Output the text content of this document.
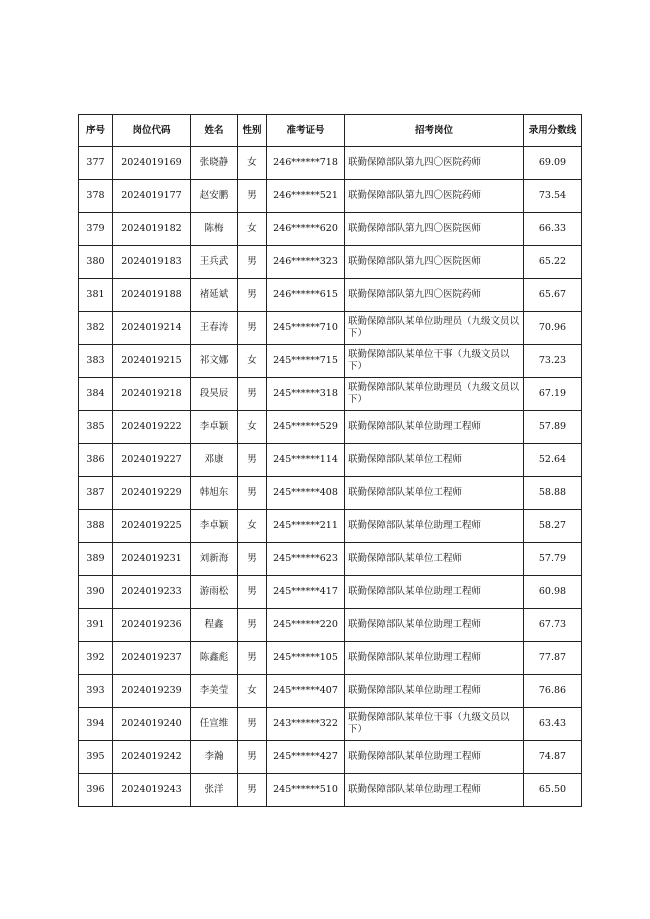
序号	岗位代码	姓名	性别	准考证号	招考岗位	录用分数线
377	2024019169	张晓静	女	246******718	联勤保障部队第九四〇医院药师	69.09
378	2024019177	赵安鹏	男	246******521	联勤保障部队第九四〇医院药师	73.54
379	2024019182	陈梅	女	246******620	联勤保障部队第九四〇医院医师	66.33
380	2024019183	王兵武	男	246******323	联勤保障部队第九四〇医院医师	65.22
381	2024019188	褚延斌	男	246******615	联勤保障部队第九四〇医院药师	65.67
382	2024019214	王春涛	男	245******710	联勤保障部队某单位助理员（九级文员以下）	70.96
383	2024019215	祁文娜	女	245******715	联勤保障部队某单位干事（九级文员以下）	73.23
384	2024019218	段昊辰	男	245******318	联勤保障部队某单位助理员（九级文员以下）	67.19
385	2024019222	李卓颖	女	245******529	联勤保障部队某单位助理工程师	57.89
386	2024019227	邓康	男	245******114	联勤保障部队某单位工程师	52.64
387	2024019229	韩旭东	男	245******408	联勤保障部队某单位工程师	58.88
388	2024019225	李卓颖	女	245******211	联勤保障部队某单位助理工程师	58.27
389	2024019231	刘新海	男	245******623	联勤保障部队某单位工程师	57.79
390	2024019233	游雨松	男	245******417	联勤保障部队某单位助理工程师	60.98
391	2024019236	程鑫	男	245******220	联勤保障部队某单位助理工程师	67.73
392	2024019237	陈鑫彪	男	245******105	联勤保障部队某单位助理工程师	77.87
393	2024019239	李美莹	女	245******407	联勤保障部队某单位助理工程师	76.86
394	2024019240	任宣维	男	243******322	联勤保障部队某单位干事（九级文员以下）	63.43
395	2024019242	李瀚	男	245******427	联勤保障部队某单位助理工程师	74.87
396	2024019243	张洋	男	245******510	联勤保障部队某单位助理工程师	65.50
